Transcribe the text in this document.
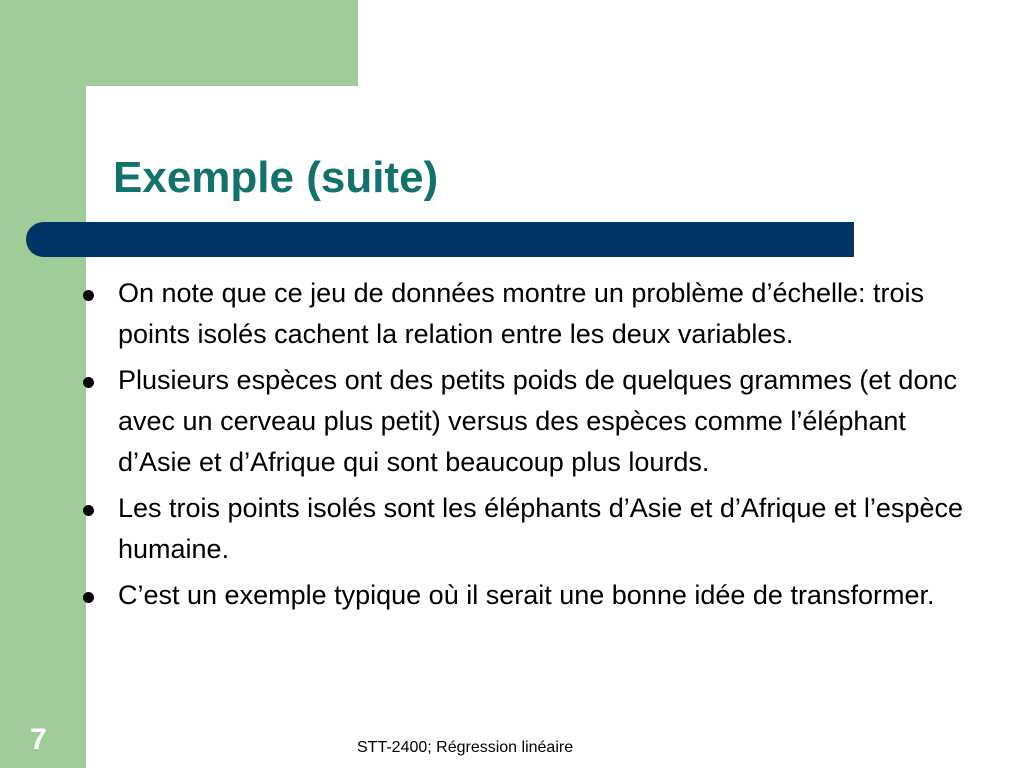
Exemple (suite)
On note que ce jeu de données montre un problème d’échelle: trois points isolés cachent la relation entre les deux variables.
Plusieurs espèces ont des petits poids de quelques grammes (et donc avec un cerveau plus petit) versus des espèces comme l’éléphant d’Asie et d’Afrique qui sont beaucoup plus lourds.
Les trois points isolés sont les éléphants d’Asie et d’Afrique et l’espèce humaine.
C’est un exemple typique où il serait une bonne idée de transformer.
7	STT-2400; Régression linéaire
